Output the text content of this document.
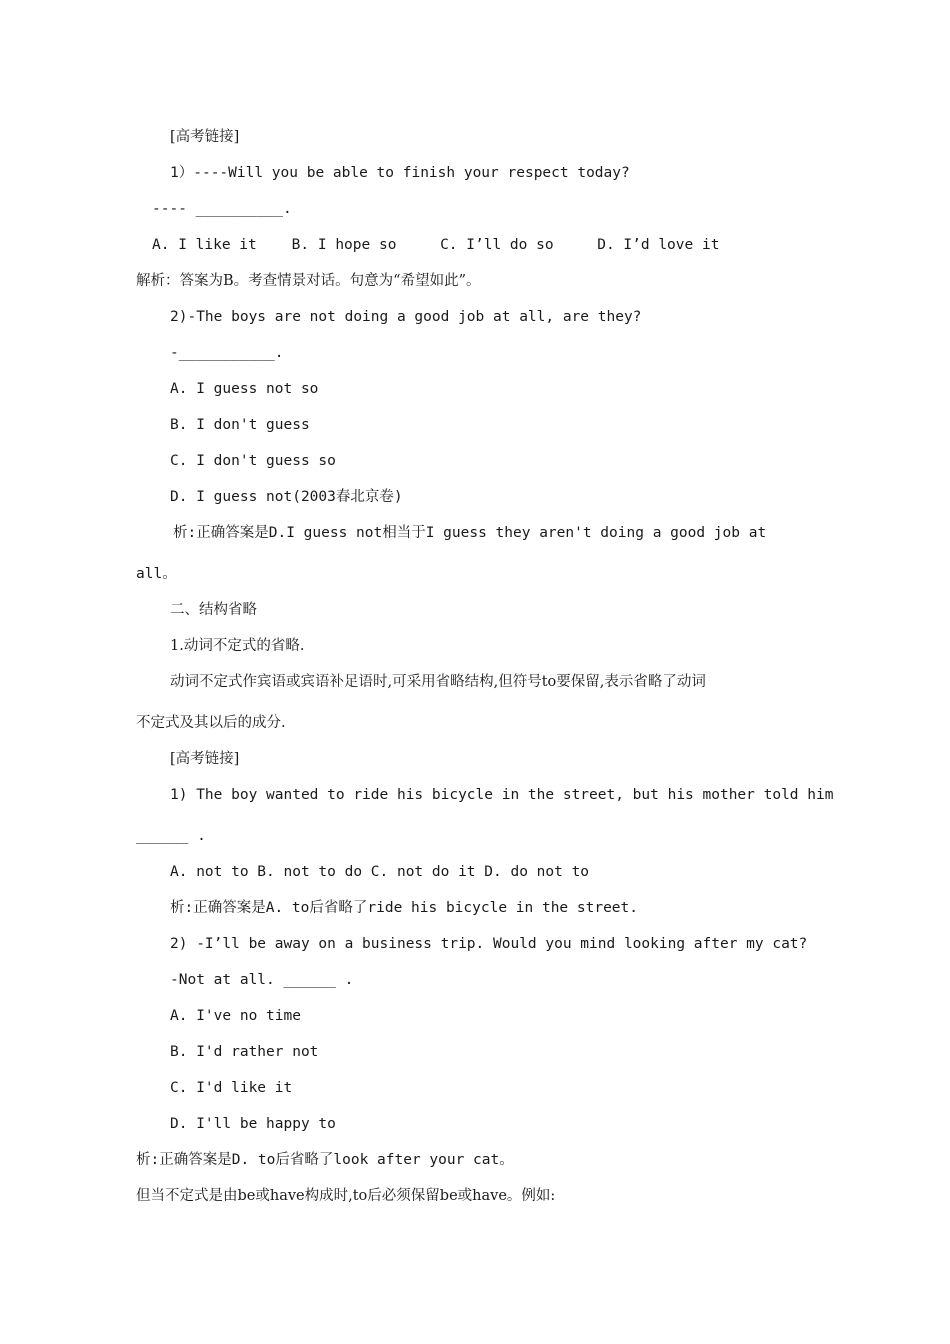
[高考链接]
1）----Will you be able to finish your respect today?
---- __________.
A. I like it    B. I hope so     C. I’ll do so     D. I’d love it
解析：答案为B。考查情景对话。句意为“希望如此”。
2)-The boys are not doing a good job at all, are they?
-___________.
A. I guess not so
B. I don't guess
C. I don't guess so
D. I guess not(2003春北京卷)
析:正确答案是D.I guess not相当于I guess they aren't doing a good job at
all。
二、结构省略
1.动词不定式的省略.
动词不定式作宾语或宾语补足语时,可采用省略结构,但符号to要保留,表示省略了动词
不定式及其以后的成分.
[高考链接]
1) The boy wanted to ride his bicycle in the street, but his mother told him
______ .
A. not to B. not to do C. not do it D. do not to
析:正确答案是A. to后省略了ride his bicycle in the street.
2) -I’ll be away on a business trip. Would you mind looking after my cat?
-Not at all. ______ .
A. I've no time
B. I'd rather not
C. I'd like it
D. I'll be happy to
析:正确答案是D. to后省略了look after your cat。
但当不定式是由be或have构成时,to后必须保留be或have。例如:
